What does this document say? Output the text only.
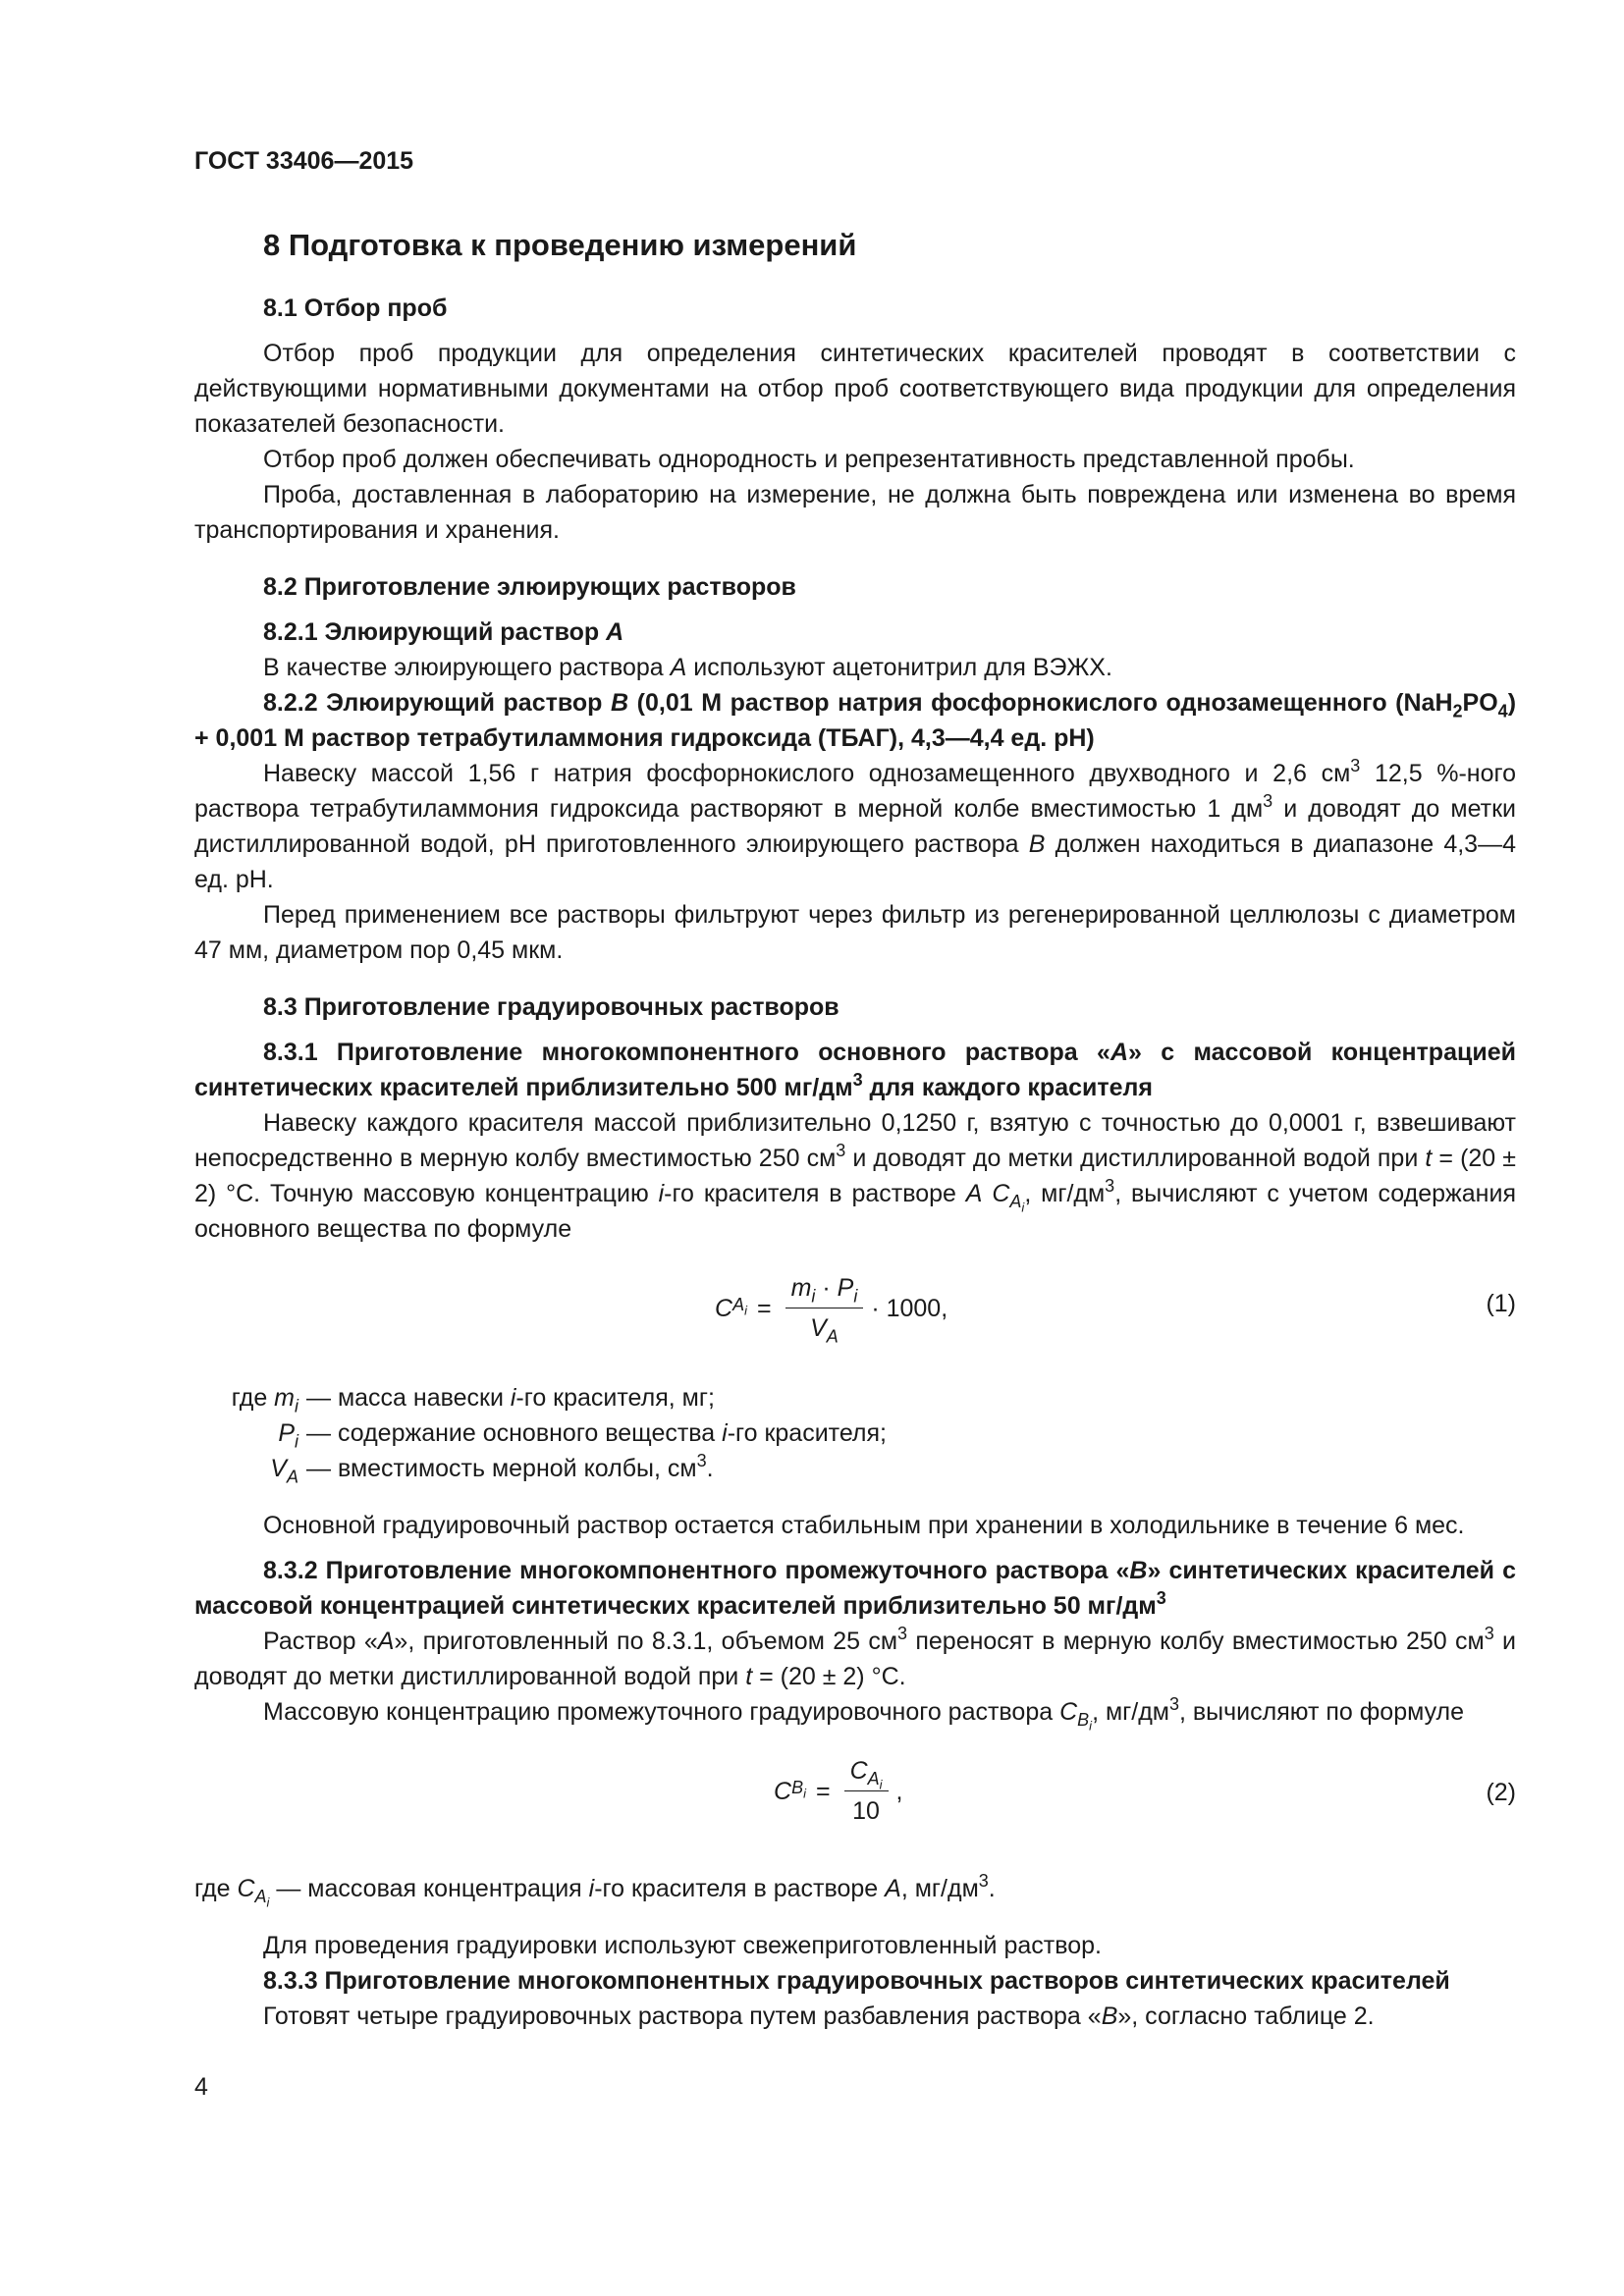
ГОСТ 33406—2015
8 Подготовка к проведению измерений
8.1 Отбор проб

Отбор проб продукции для определения синтетических красителей проводят в соответствии с действующими нормативными документами на отбор проб соответствующего вида продукции для определения показателей безопасности.

Отбор проб должен обеспечивать однородность и репрезентативность представленной пробы.

Проба, доставленная в лабораторию на измерение, не должна быть повреждена или изменена во время транспортирования и хранения.

8.2 Приготовление элюирующих растворов

8.2.1 Элюирующий раствор А

В качестве элюирующего раствора А используют ацетонитрил для ВЭЖХ.

8.2.2 Элюирующий раствор В (0,01 М раствор натрия фосфорнокислого однозамещенного $(NaH_2PO_4) + 0,001$ М раствор тетрабутиламмония гидроксида (ТБАГ), 4,3—4,4 ед. рН)

Навеску массой 1,56 г натрия фосфорнокислого однозамещенного двухводного и 2,6 $см^3$ 12,5 %-ного раствора тетрабутиламмония гидроксида растворяют в мерной колбе вместимостью 1 $дм^3$ и доводят до метки дистиллированной водой, рН приготовленного элюирующего раствора В должен находиться в диапазоне 4,3—4 ед. рН.

Перед применением все растворы фильтруют через фильтр из регенерированной целлюлозы с диаметром 47 мм, диаметром пор 0,45 мкм.

8.3 Приготовление градуировочных растворов

8.3.1 Приготовление многокомпонентного основного раствора «А» с массовой концентрацией синтетических красителей приблизительно 500 $мг/дм^3$ для каждого красителя

Навеску каждого красителя массой приблизительно 0,1250 г, взятую с точностью до 0,0001 г, взвешивают непосредственно в мерную колбу вместимостью 250 $см^3$ и доводят до метки дистиллированной водой при t = (20 ± 2) °С. Точную массовую концентрацию i-го красителя в растворе А $С_{A_i}$, $мг/дм^3$, вычисляют с учетом содержания основного вещества по формуле

C $A_i = \frac{m_i \cdot P_i}{V_A} \cdot 1000$,	(1)
где $m_i$ — масса навески i-го красителя, мг;
$P_i$ — содержание основного вещества i-го красителя;
$V_A$ — вместимость мерной колбы, $см^3$.

Основной градуировочный раствор остается стабильным при хранении в холодильнике в течение 6 мес.

8.3.2 Приготовление многокомпонентного промежуточного раствора «В» синтетических красителей с массовой концентрацией синтетических красителей приблизительно 50 $мг/дм^3$

Раствор «А», приготовленный по 8.3.1, объемом 25 $см^3$ переносят в мерную колбу вместимостью 250 $см^3$ и доводят до метки дистиллированной водой при t = (20 ± 2) °С.

Массовую концентрацию промежуточного градуировочного раствора $C_{B_i}$, $мг/дм^3$, вычисляют по формуле

C $B_i = \frac{C_{A_i}}{10}$ ,	(2)

где $C_{A_i}$ — массовая концентрация i-го красителя в растворе А, $мг/дм^3$.

Для проведения градуировки используют свежеприготовленный раствор.

8.3.3 Приготовление многокомпонентных градуировочных растворов синтетических красителей

Готовят четыре градуировочных раствора путем разбавления раствора «В», согласно таблице 2.

4
